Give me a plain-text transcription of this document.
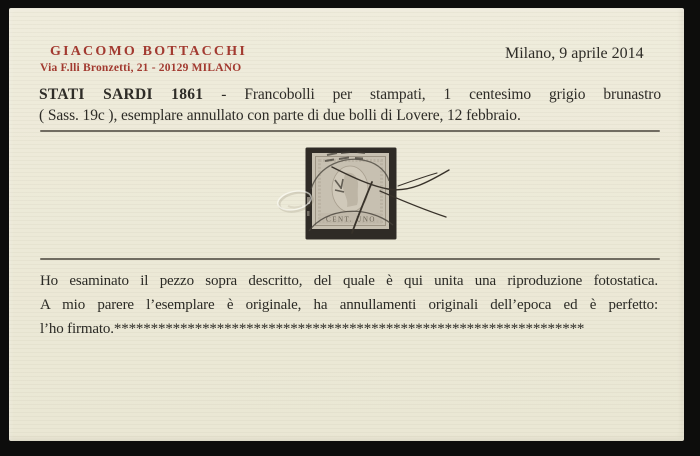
GIACOMO BOTTACCHI
Via F.lli Bronzetti, 21 - 20129 MILANO
Milano, 9 aprile 2014
STATI SARDI 1861 - Francobolli per stampati, 1 centesimo grigio brunastro
( Sass. 19c ), esemplare annullato con parte di due bolli di Lovere, 12 febbraio.
CENT. UNO
Ho esaminato il pezzo sopra descritto, del quale è qui unita una riproduzione fotostatica.
A mio parere l’esemplare è originale, ha annullamenti originali dell’epoca ed è perfetto:
l’ho firmato.****************************************************************
